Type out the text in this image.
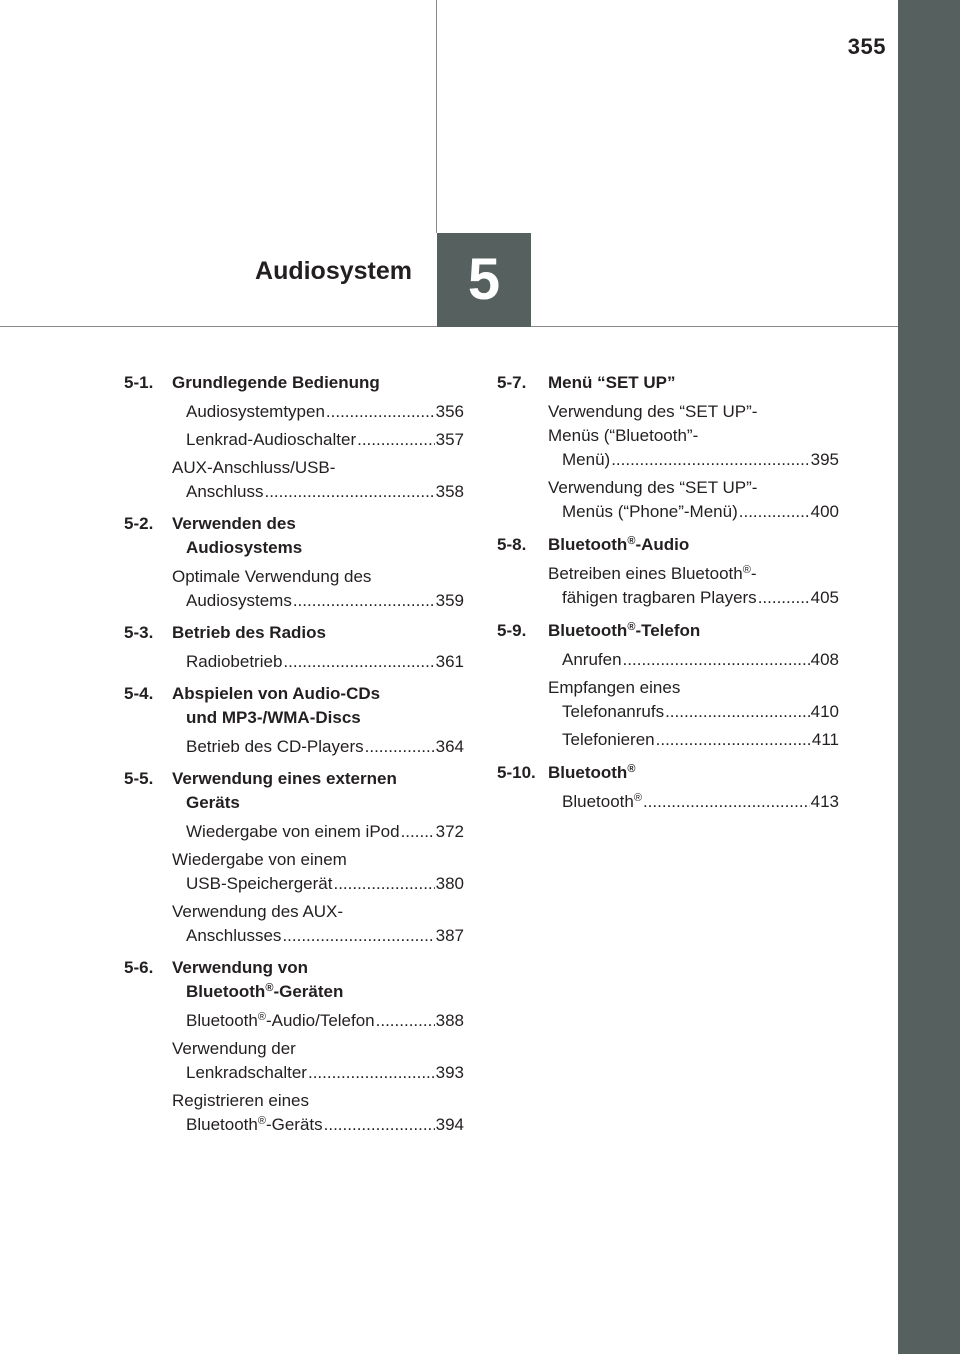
355
Audiosystem 5
5-1. Grundlegende Bedienung
Audiosystemtypen .....	356
Lenkrad-Audioschalter .....	357
AUX-Anschluss/USB-
Anschluss .....	358
5-2. Verwenden des
Audiosystems
Optimale Verwendung des
Audiosystems .....	359
5-3. Betrieb des Radios
Radiobetrieb .....	361
5-4. Abspielen von Audio-CDs
und MP3-/WMA-Discs
Betrieb des CD-Players .....	364
5-5. Verwendung eines externen
Geräts
Wiedergabe von einem iPod ..... 372
Wiedergabe von einem
USB-Speichergerät .....	380
Verwendung des AUX-
Anschlusses .....	387
5-6. Verwendung von
Bluetooth®-Geräten
Bluetooth®-Audio/Telefon .....	388
Verwendung der
Lenkradschalter .....	393
Registrieren eines
Bluetooth®-Geräts .....	394
5-7. Menü “SET UP”
Verwendung des “SET UP”-
Menüs (“Bluetooth”-
Menü) .....	395
Verwendung des “SET UP”-
Menüs (“Phone”-Menü) .....	400
5-8. Bluetooth®-Audio
Betreiben eines Bluetooth®-
fähigen tragbaren Players .....	405
5-9. Bluetooth®-Telefon
Anrufen .....	408
Empfangen eines
Telefonanrufs .....	410
Telefonieren .....	411
5-10. Bluetooth®
Bluetooth® .....	413
